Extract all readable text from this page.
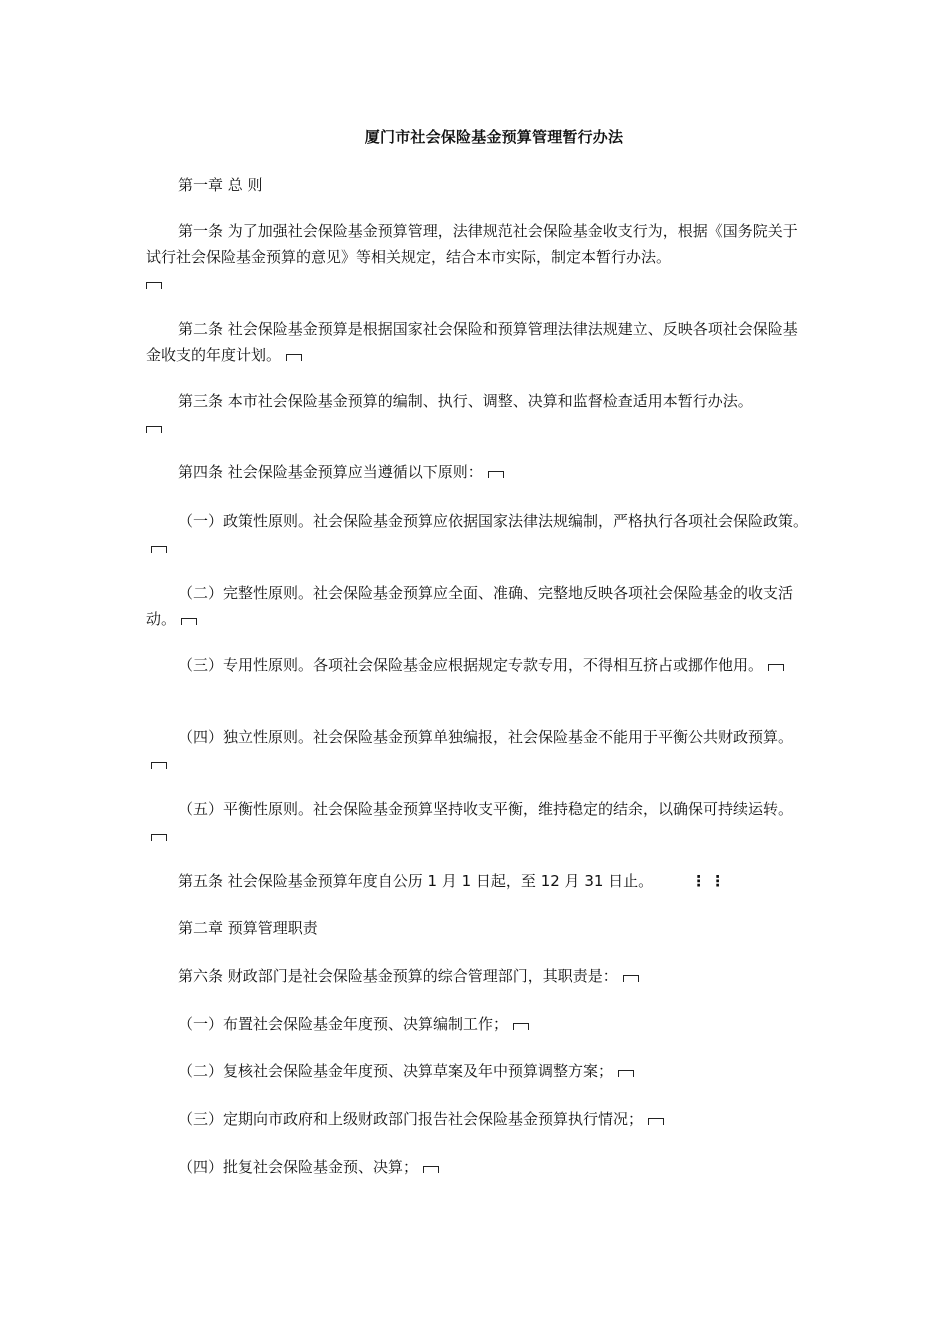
厦门市社会保险基金预算管理暂行办法
第一章 总 则
第一条 为了加强社会保险基金预算管理，法律规范社会保险基金收支行为，根据《国务院关于试行社会保险基金预算的意见》等相关规定，结合本市实际，制定本暂行办法。

第二条 社会保险基金预算是根据国家社会保险和预算管理法律法规建立、反映各项社会保险基金收支的年度计划。
第三条 本市社会保险基金预算的编制、执行、调整、决算和监督检查适用本暂行办法。

第四条 社会保险基金预算应当遵循以下原则：
（一）政策性原则。社会保险基金预算应依据国家法律法规编制，严格执行各项社会保险政策。
（二）完整性原则。社会保险基金预算应全面、准确、完整地反映各项社会保险基金的收支活动。
（三）专用性原则。各项社会保险基金应根据规定专款专用，不得相互挤占或挪作他用。
（四）独立性原则。社会保险基金预算单独编报，社会保险基金不能用于平衡公共财政预算。
（五）平衡性原则。社会保险基金预算坚持收支平衡，维持稳定的结余，以确保可持续运转。
第五条 社会保险基金预算年度自公历 1 月 1 日起，至 12 月 31 日止。	⋮⋮
第二章 预算管理职责
第六条 财政部门是社会保险基金预算的综合管理部门，其职责是：
（一）布置社会保险基金年度预、决算编制工作；
（二）复核社会保险基金年度预、决算草案及年中预算调整方案；
（三）定期向市政府和上级财政部门报告社会保险基金预算执行情况；
（四）批复社会保险基金预、决算；
